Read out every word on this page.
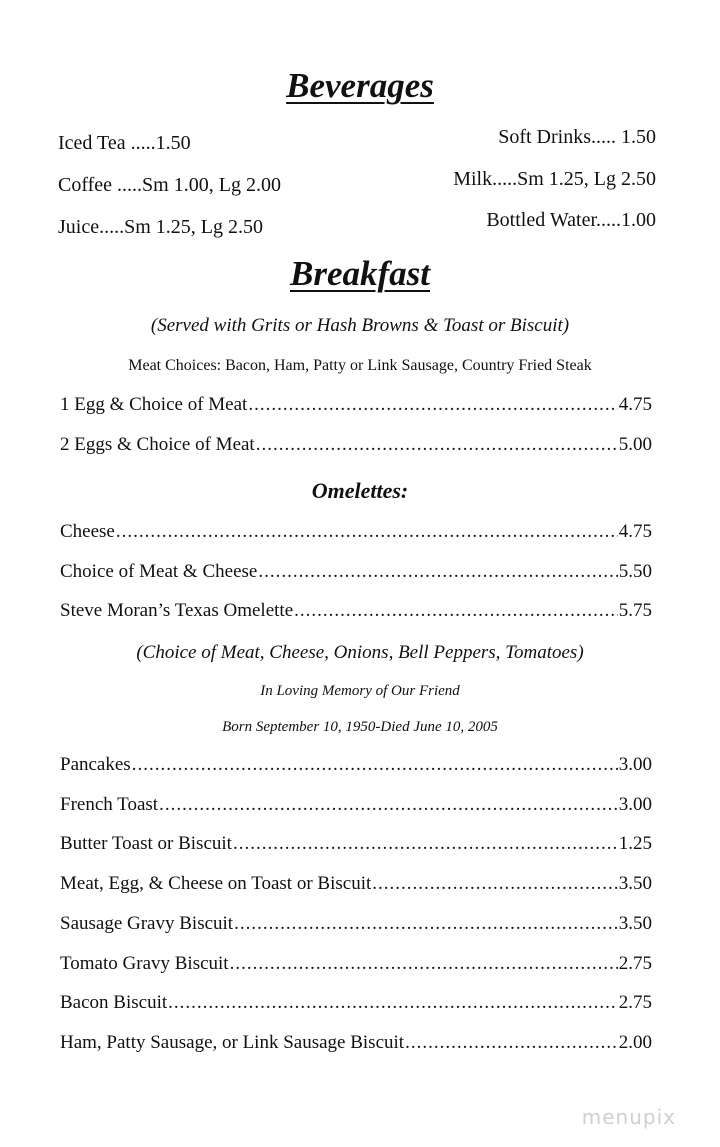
Beverages
Iced Tea .....1.50
Coffee .....Sm 1.00, Lg 2.00
Juice.....Sm 1.25, Lg 2.50
Soft Drinks..... 1.50
Milk.....Sm 1.25, Lg 2.50
Bottled Water.....1.00
Breakfast
(Served with Grits or Hash Browns & Toast or Biscuit)
Meat Choices: Bacon, Ham, Patty or Link Sausage, Country Fried Steak
1 Egg & Choice of Meat .....	4.75
2 Eggs & Choice of Meat .....	5.00
Omelettes:
Cheese .....	4.75
Choice of Meat & Cheese .....	5.50
Steve Moran’s Texas Omelette .....	5.75
(Choice of Meat, Cheese, Onions, Bell Peppers, Tomatoes)
In Loving Memory of Our Friend
Born September 10, 1950-Died June 10, 2005
Pancakes .....	3.00
French Toast .....	3.00
Butter Toast or Biscuit .....	1.25
Meat, Egg, & Cheese on Toast or Biscuit .....	3.50
Sausage Gravy Biscuit .....	3.50
Tomato Gravy Biscuit .....	2.75
Bacon Biscuit .....	2.75
Ham, Patty Sausage, or Link Sausage Biscuit .....	2.00
menupix
